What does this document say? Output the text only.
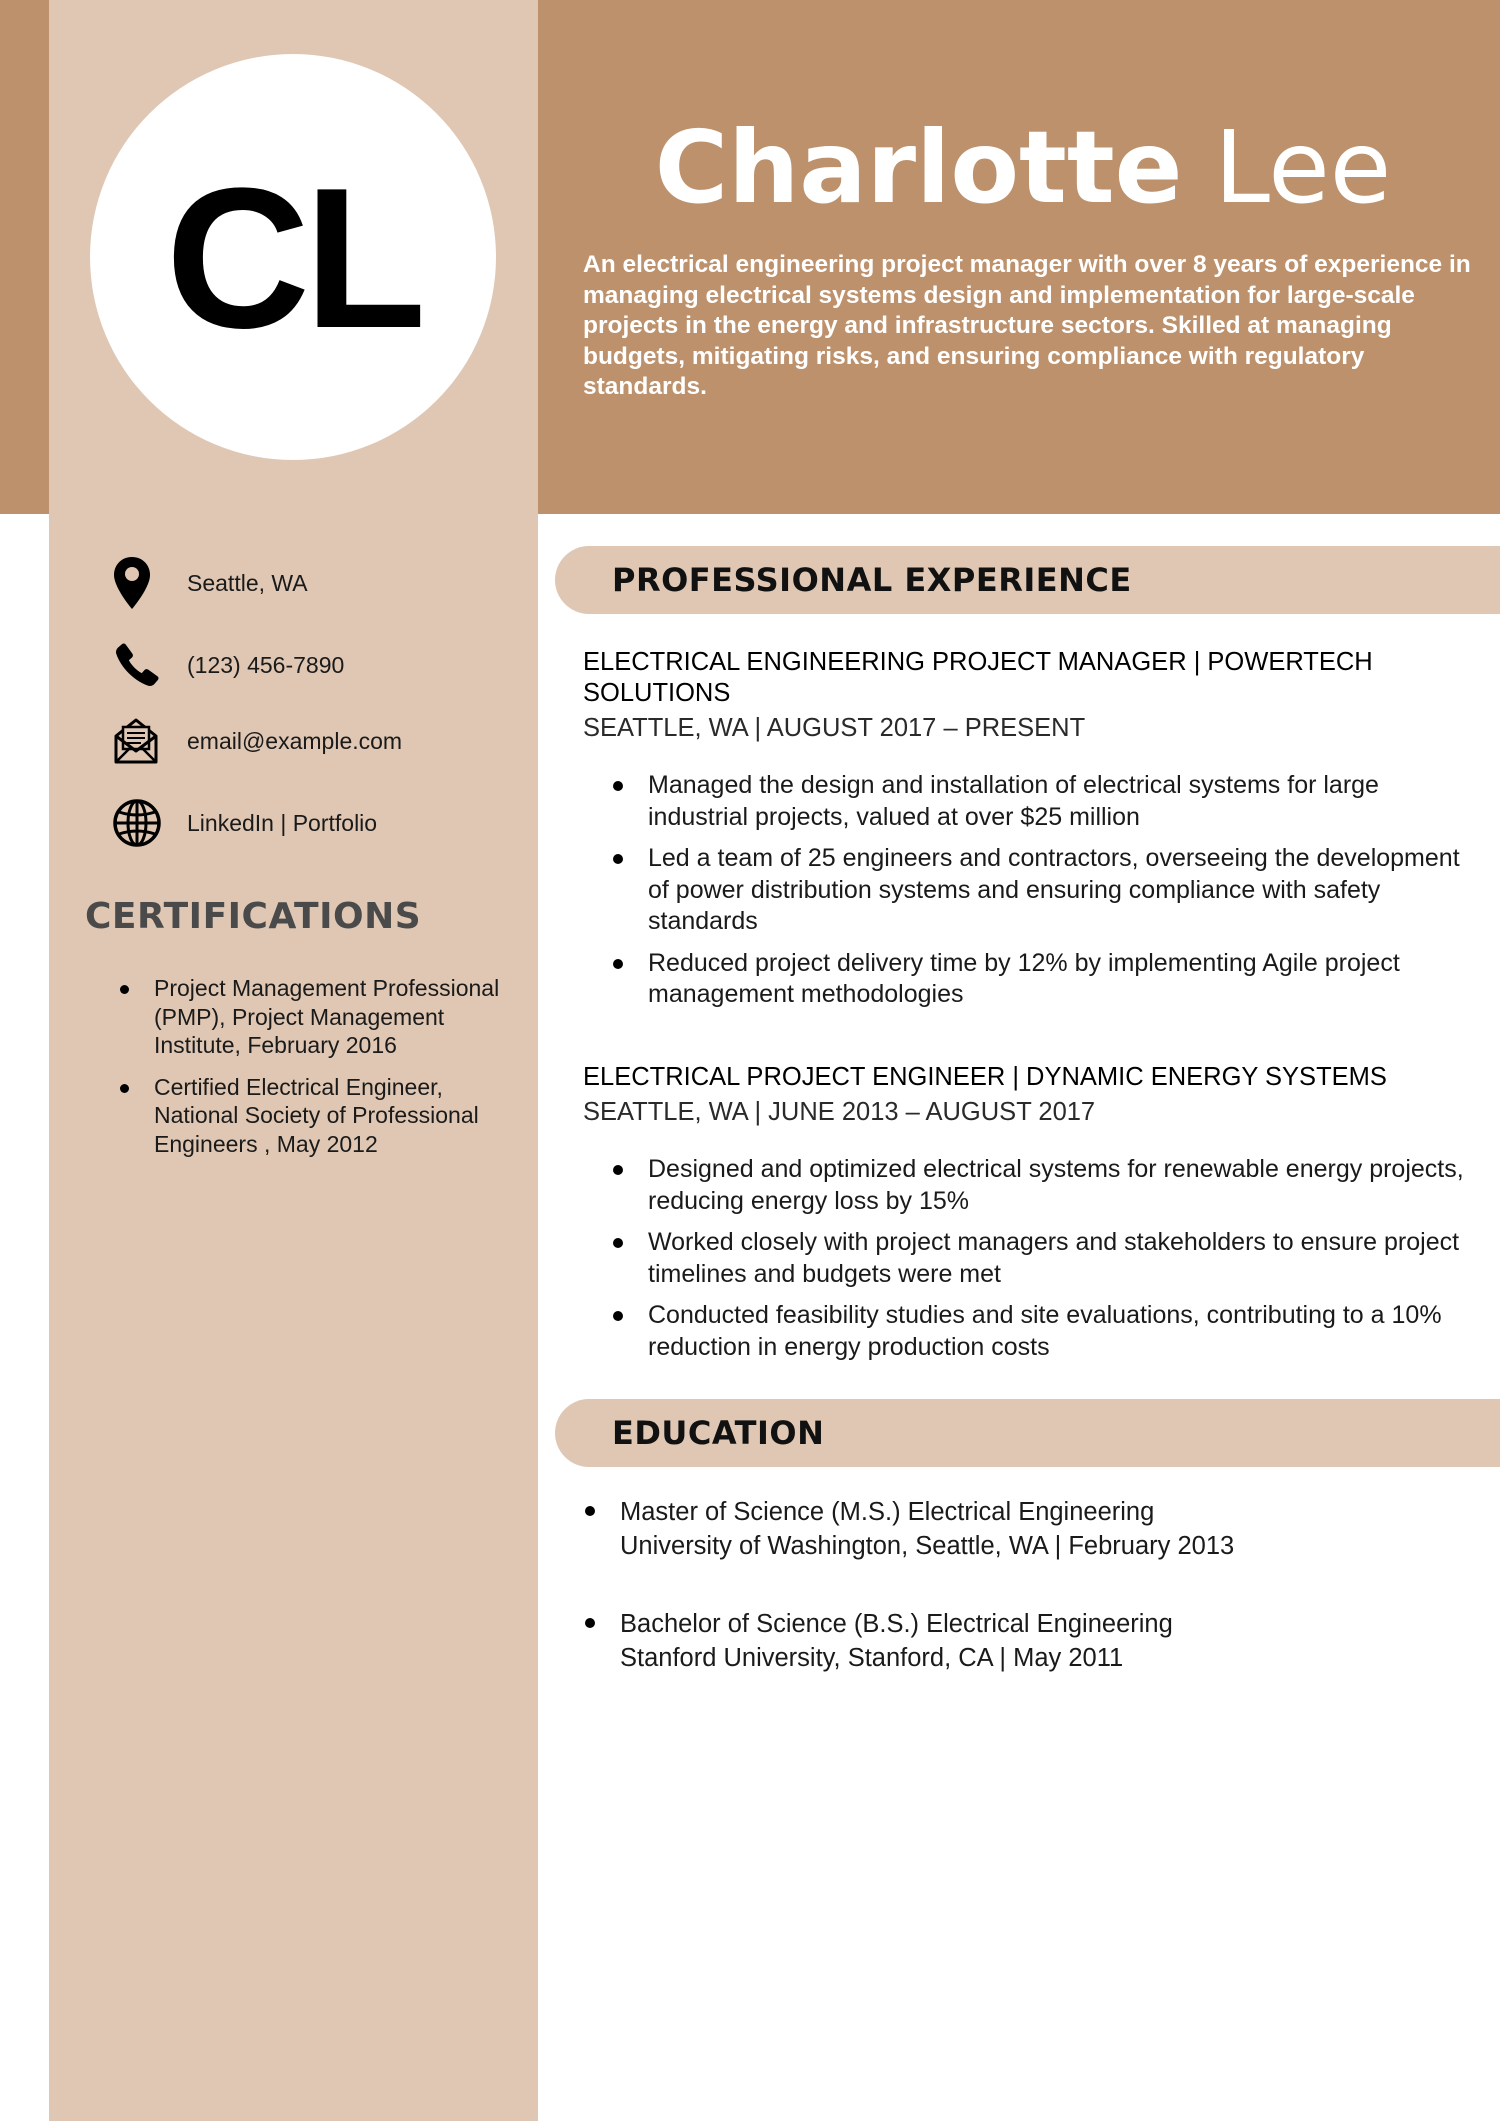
CL	Charlotte Lee
An electrical engineering project manager with over 8 years of experience in managing electrical systems design and implementation for large-scale projects in the energy and infrastructure sectors. Skilled at managing budgets, mitigating risks, and ensuring compliance with regulatory standards.
Seattle, WA
(123) 456-7890
email@example.com
LinkedIn | Portfolio
CERTIFICATIONS
Project Management Professional (PMP), Project Management Institute, February 2016
Certified Electrical Engineer, National Society of Professional Engineers , May 2012
PROFESSIONAL EXPERIENCE
ELECTRICAL ENGINEERING PROJECT MANAGER | POWERTECH SOLUTIONS
SEATTLE, WA | AUGUST 2017 – PRESENT
Managed the design and installation of electrical systems for large industrial projects, valued at over $25 million
Led a team of 25 engineers and contractors, overseeing the development of power distribution systems and ensuring compliance with safety standards
Reduced project delivery time by 12% by implementing Agile project management methodologies
ELECTRICAL PROJECT ENGINEER | DYNAMIC ENERGY SYSTEMS
SEATTLE, WA | JUNE 2013 – AUGUST 2017
Designed and optimized electrical systems for renewable energy projects, reducing energy loss by 15%
Worked closely with project managers and stakeholders to ensure project timelines and budgets were met
Conducted feasibility studies and site evaluations, contributing to a 10% reduction in energy production costs
EDUCATION
Master of Science (M.S.) Electrical Engineering
University of Washington, Seattle, WA | February 2013
Bachelor of Science (B.S.) Electrical Engineering
Stanford University, Stanford, CA | May 2011
